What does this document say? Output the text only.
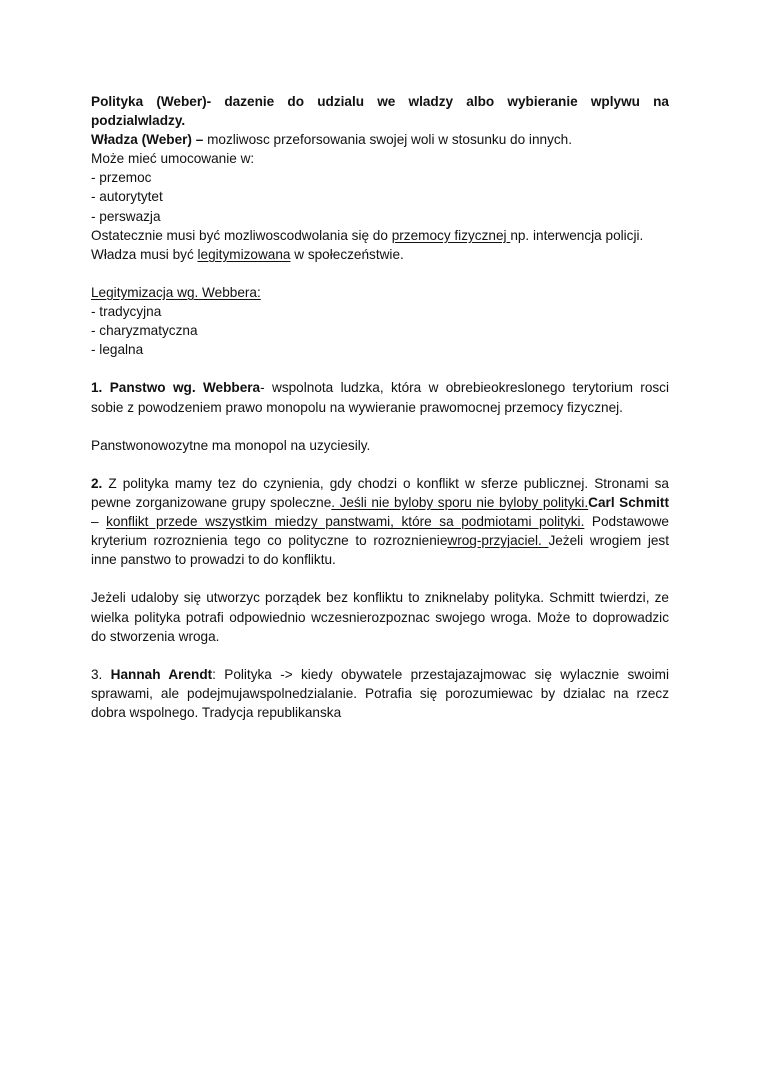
Polityka (Weber)- dazenie do udzialu we wladzy albo wybieranie wplywu na podzialwladzy.

Władza (Weber) – mozliwosc przeforsowania swojej woli w stosunku do innych.

Może mieć umocowanie w:

- przemoc

- autorytytet

- perswazja

Ostatecznie musi być mozliwoscodwolania się do przemocy fizycznej np. interwencja policji.

Władza musi być legitymizowana w społeczeństwie.

Legitymizacja wg. Webbera:

- tradycyjna

- charyzmatyczna

- legalna

1. Panstwo wg. Webbera- wspolnota ludzka, która w obrebieokreslonego terytorium rosci sobie z powodzeniem prawo monopolu na wywieranie prawomocnej przemocy fizycznej.

Panstwonowozytne ma monopol na uzyciesily.

2. Z polityka mamy tez do czynienia, gdy chodzi o konflikt w sferze publicznej. Stronami sa pewne zorganizowane grupy spoleczne. Jeśli nie byloby sporu nie byloby polityki.Carl Schmitt – konflikt przede wszystkim miedzy panstwami, które sa podmiotami polityki. Podstawowe kryterium rozroznienia tego co polityczne to rozroznieniewrog-przyjaciel. Jeżeli wrogiem jest inne panstwo to prowadzi to do konfliktu.

Jeżeli udaloby się utworzyc porządek bez konfliktu to zniknelaby polityka. Schmitt twierdzi, ze wielka polityka potrafi odpowiednio wczesnierozpoznac swojego wroga. Może to doprowadzic do stworzenia wroga.

3. Hannah Arendt: Polityka -> kiedy obywatele przestajazajmowac się wylacznie swoimi sprawami, ale podejmujawspolnedzialanie. Potrafia się porozumiewac by dzialac na rzecz dobra wspolnego. Tradycja republikanska
